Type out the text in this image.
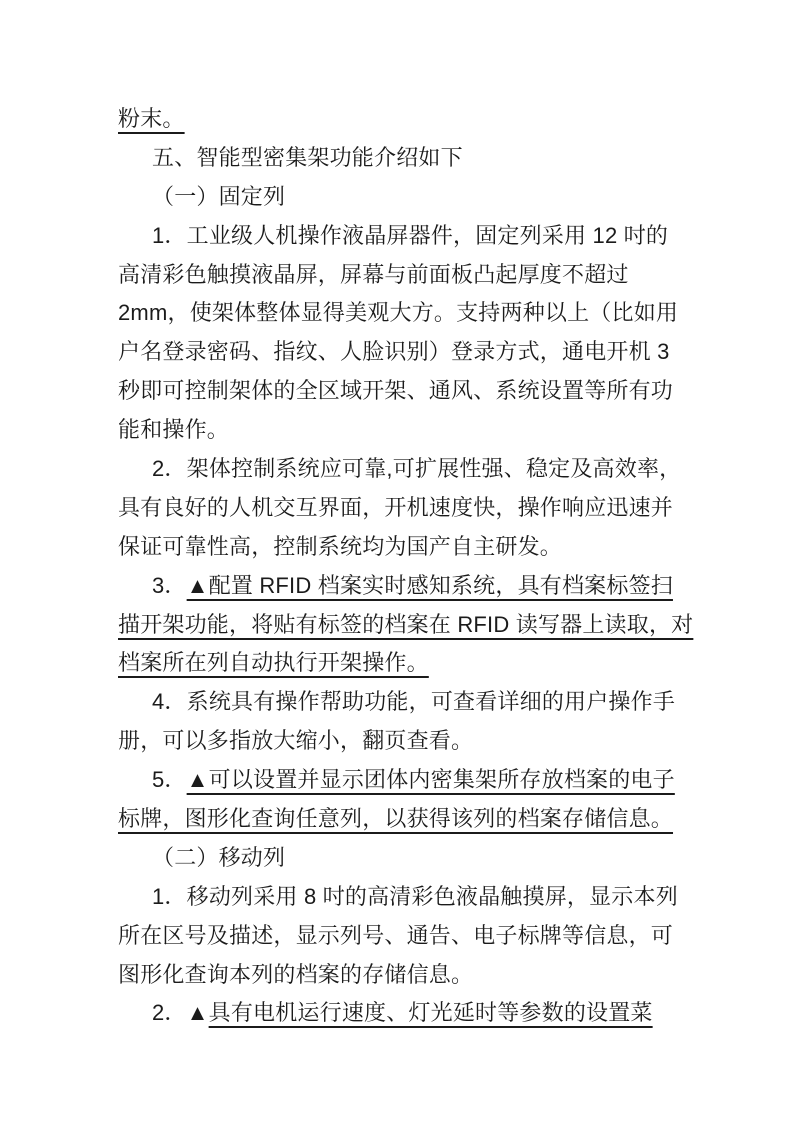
粉末。
五、智能型密集架功能介绍如下
（一）固定列
1．工业级人机操作液晶屏器件，固定列采用 12 吋的
高清彩色触摸液晶屏，屏幕与前面板凸起厚度不超过
2mm，使架体整体显得美观大方。支持两种以上（比如用
户名登录密码、指纹、人脸识别）登录方式，通电开机 3
秒即可控制架体的全区域开架、通风、系统设置等所有功
能和操作。
2．架体控制系统应可靠,可扩展性强、稳定及高效率，
具有良好的人机交互界面，开机速度快，操作响应迅速并
保证可靠性高，控制系统均为国产自主研发。
3．▲配置 RFID 档案实时感知系统，具有档案标签扫
描开架功能，将贴有标签的档案在 RFID 读写器上读取，对
档案所在列自动执行开架操作。
4．系统具有操作帮助功能，可查看详细的用户操作手
册，可以多指放大缩小，翻页查看。
5．▲可以设置并显示团体内密集架所存放档案的电子
标牌，图形化查询任意列，以获得该列的档案存储信息。
（二）移动列
1．移动列采用 8 吋的高清彩色液晶触摸屏，显示本列
所在区号及描述，显示列号、通告、电子标牌等信息，可
图形化查询本列的档案的存储信息。
2．▲具有电机运行速度、灯光延时等参数的设置菜
